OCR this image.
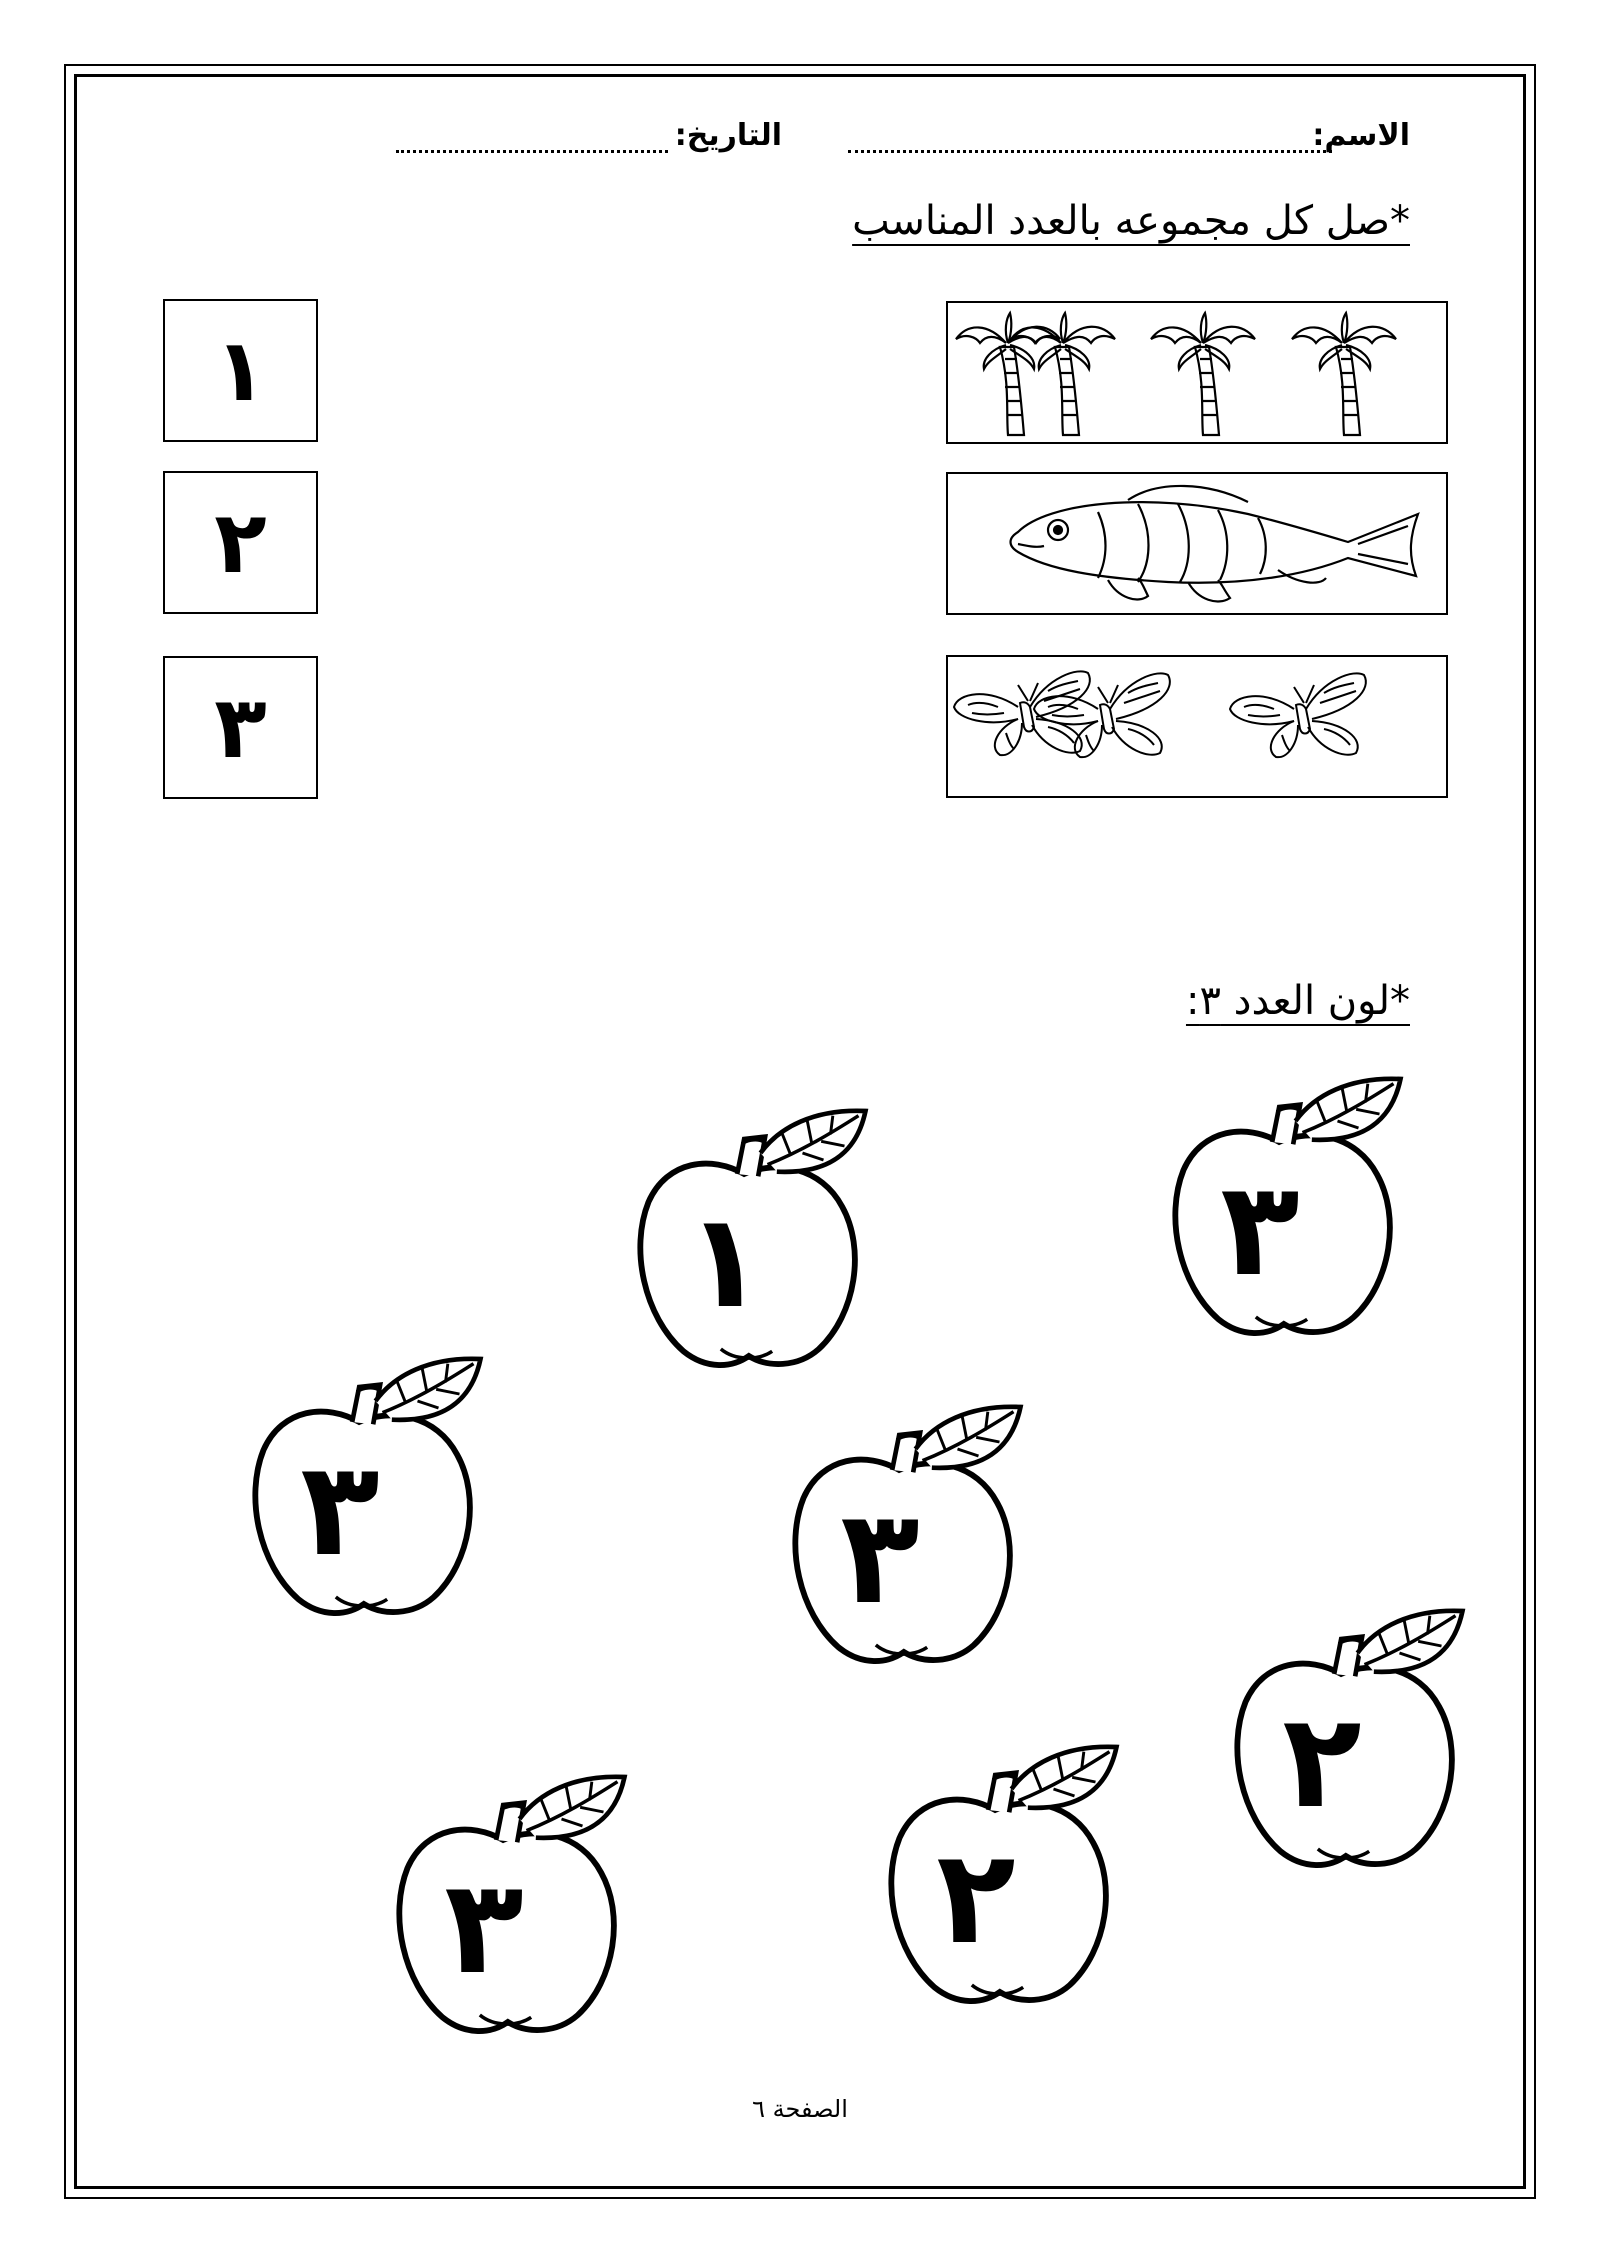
الاسم:
التاريخ:
*صل كل مجموعه بالعدد المناسب
١
٢
٣
*لون العدد ٣:
٣
١
٣	٣
٢
٢
٣
الصفحة ٦
